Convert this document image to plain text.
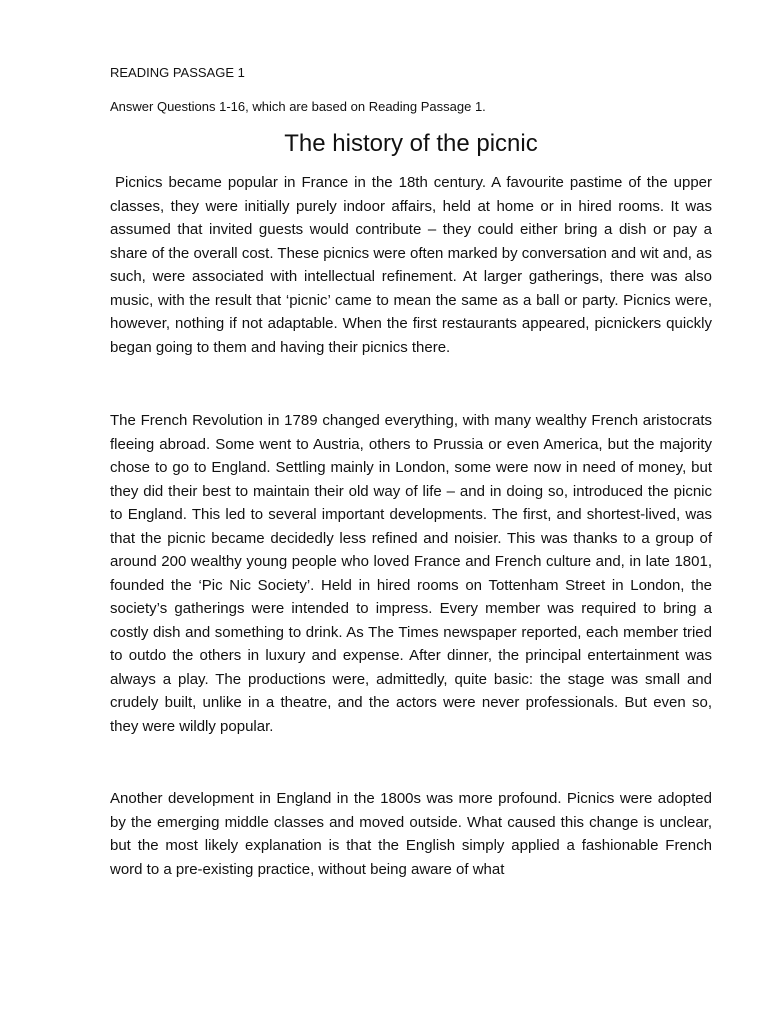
READING PASSAGE 1

Answer Questions 1-16, which are based on Reading Passage 1.

The history of the picnic

Picnics became popular in France in the 18th century. A favourite pastime of the upper classes, they were initially purely indoor affairs, held at home or in hired rooms. It was assumed that invited guests would contribute – they could either bring a dish or pay a share of the overall cost. These picnics were often marked by conversation and wit and, as such, were associated with intellectual refinement. At larger gatherings, there was also music, with the result that ‘picnic’ came to mean the same as a ball or party. Picnics were, however, nothing if not adaptable. When the first restaurants appeared, picnickers quickly began going to them and having their picnics there.

The French Revolution in 1789 changed everything, with many wealthy French aristocrats fleeing abroad. Some went to Austria, others to Prussia or even America, but the majority chose to go to England. Settling mainly in London, some were now in need of money, but they did their best to maintain their old way of life – and in doing so, introduced the picnic to England. This led to several important developments. The first, and shortest-lived, was that the picnic became decidedly less refined and noisier. This was thanks to a group of around 200 wealthy young people who loved France and French culture and, in late 1801, founded the ‘Pic Nic Society’. Held in hired rooms on Tottenham Street in London, the society’s gatherings were intended to impress. Every member was required to bring a costly dish and something to drink. As The Times newspaper reported, each member tried to outdo the others in luxury and expense. After dinner, the principal entertainment was always a play. The productions were, admittedly, quite basic: the stage was small and crudely built, unlike in a theatre, and the actors were never professionals. But even so, they were wildly popular.

Another development in England in the 1800s was more profound. Picnics were adopted by the emerging middle classes and moved outside. What caused this change is unclear, but the most likely explanation is that the English simply applied a fashionable French word to a pre-existing practice, without being aware of what
